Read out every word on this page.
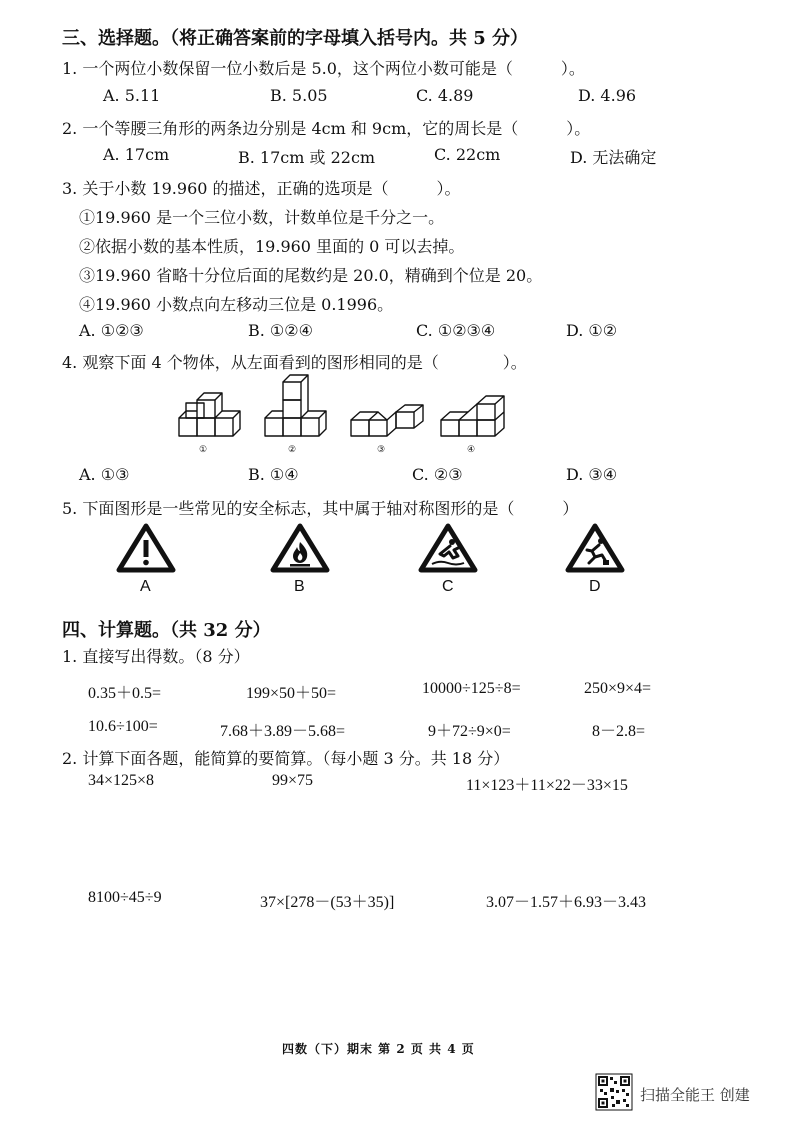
三、选择题。（将正确答案前的字母填入括号内。共 5 分）
1. 一个两位小数保留一位小数后是 5.0，这个两位小数可能是（　　　）。
A. 5.11	B. 5.05	C. 4.89	D. 4.96
2. 一个等腰三角形的两条边分别是 4cm 和 9cm，它的周长是（　　　）。
A. 17cm	B. 17cm 或 22cm	C. 22cm	D. 无法确定
3. 关于小数 19.960 的描述，正确的选项是（　　　）。
①19.960 是一个三位小数，计数单位是千分之一。
②依据小数的基本性质，19.960 里面的 0 可以去掉。
③19.960 省略十分位后面的尾数约是 20.0，精确到个位是 20。
④19.960 小数点向左移动三位是 0.1996。
A. ①②③	B. ①②④	C. ①②③④	D. ①②
4. 观察下面 4 个物体，从左面看到的图形相同的是（　　　　）。
①	②	③	④
A. ①③	B. ①④	C. ②③	D. ③④
5. 下面图形是一些常见的安全标志，其中属于轴对称图形的是（　　　）
A	B	C	D
四、计算题。（共 32 分）
1. 直接写出得数。（8 分）
0.35＋0.5=	199×50＋50=	10000÷125÷8=	250×9×4=
10.6÷100=	7.68＋3.89－5.68=	9＋72÷9×0=	8－2.8=
2. 计算下面各题，能简算的要简算。（每小题 3 分。共 18 分）
34×125×8	99×75	11×123＋11×22－33×15
8100÷45÷9	37×[278－(53＋35)]	3.07－1.57＋6.93－3.43
四数（下）期末 第 2 页 共 4 页
扫描全能王 创建
